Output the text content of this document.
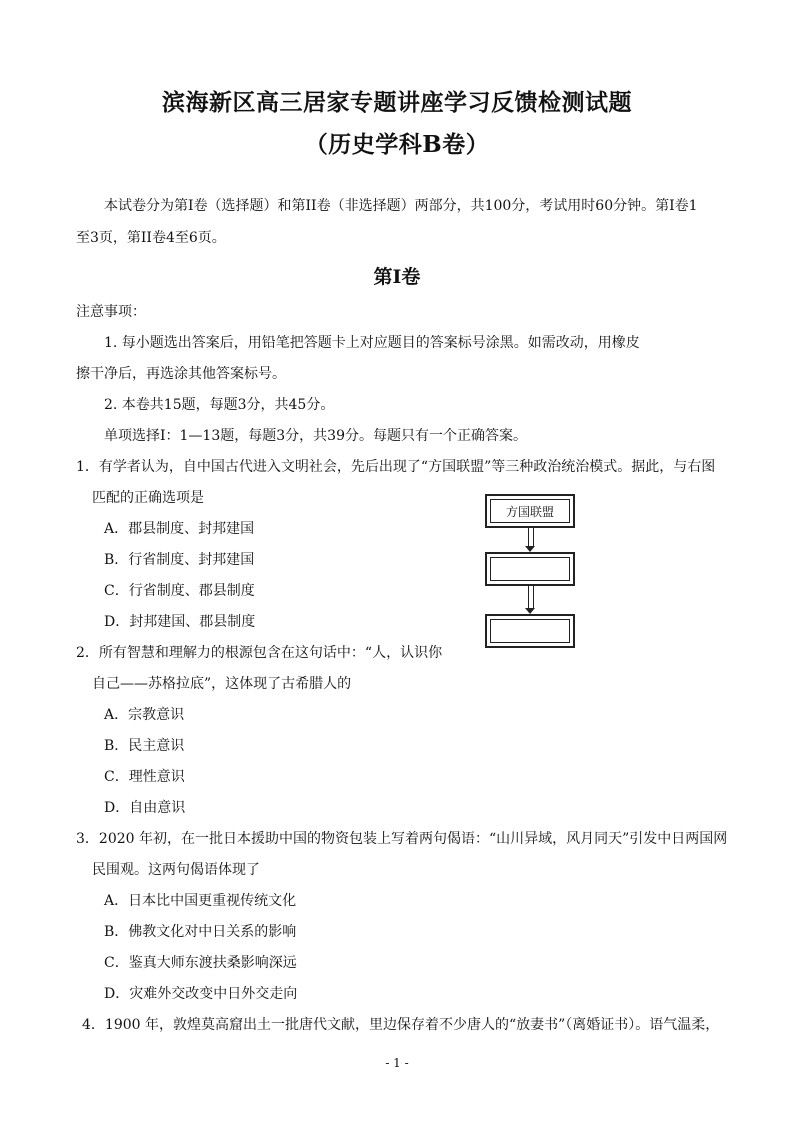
滨海新区高三居家专题讲座学习反馈检测试题
（历史学科B卷）
本试卷分为第I卷（选择题）和第II卷（非选择题）两部分，共100分，考试用时60分钟。第I卷1
至3页，第II卷4至6页。
第I卷
注意事项：
1. 每小题选出答案后，用铅笔把答题卡上对应题目的答案标号涂黑。如需改动，用橡皮
擦干净后，再选涂其他答案标号。
2. 本卷共15题，每题3分，共45分。
单项选择Ⅰ：1—13题，每题3分，共39分。每题只有一个正确答案。
1．有学者认为，自中国古代进入文明社会，先后出现了“方国联盟”等三种政治统治模式。据此，与右图
匹配的正确选项是
A．郡县制度、封邦建国
B．行省制度、封邦建国
C．行省制度、郡县制度
D．封邦建国、郡县制度
方国联盟
2．所有智慧和理解力的根源包含在这句话中：“人，认识你
自己——苏格拉底”，这体现了古希腊人的
A．宗教意识
B．民主意识
C．理性意识
D．自由意识
3．2020 年初，在一批日本援助中国的物资包装上写着两句偈语：“山川异域，风月同天”引发中日两国网
民围观。这两句偈语体现了
A．日本比中国更重视传统文化
B．佛教文化对中日关系的影响
C．鉴真大师东渡扶桑影响深远
D．灾难外交改变中日外交走向
4．1900 年，敦煌莫高窟出土一批唐代文献，里边保存着不少唐人的“放妻书”（离婚证书）。语气温柔，
- 1 -
